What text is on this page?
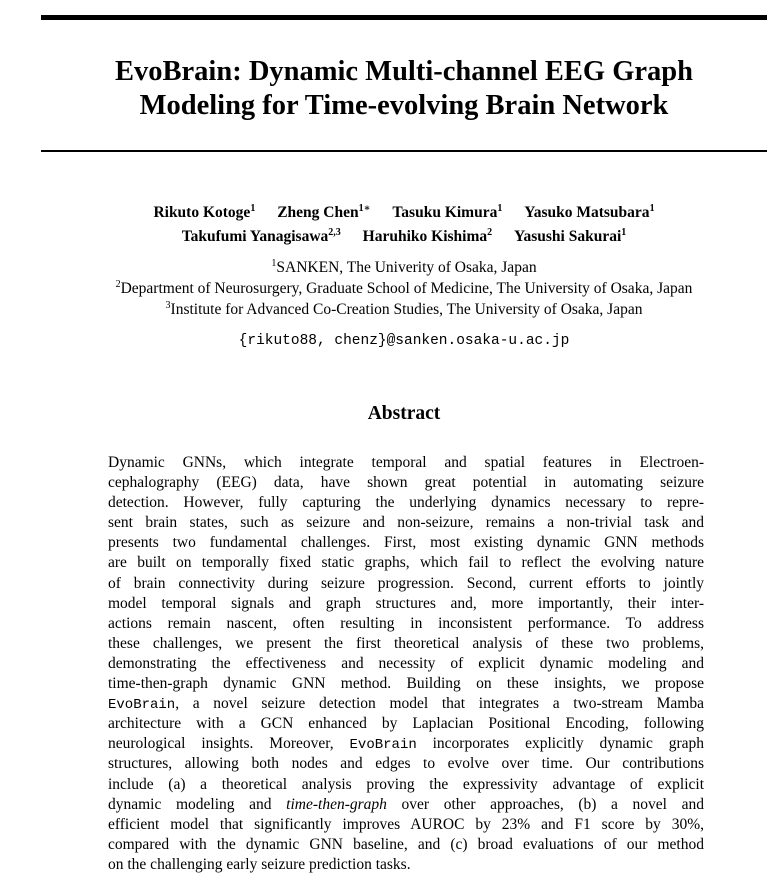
EvoBrain: Dynamic Multi-channel EEG Graph
Modeling for Time-evolving Brain Network
Rikuto Kotoge$^1$ Zheng Chen$^{1∗}$ Tasuku Kimura$^1$ Yasuko Matsubara$^1$
Takufumi Yanagisawa$^{2,3}$ Haruhiko Kishima$^2$ Yasushi Sakurai$^1$
$^1$SANKEN, The Univerity of Osaka, Japan
$^2$Department of Neurosurgery, Graduate School of Medicine, The University of Osaka, Japan
$^3$Institute for Advanced Co-Creation Studies, The University of Osaka, Japan
{rikuto88, chenz}@sanken.osaka-u.ac.jp
Abstract
Dynamic GNNs, which integrate temporal and spatial features in Electroen-
cephalography (EEG) data, have shown great potential in automating seizure
detection. However, fully capturing the underlying dynamics necessary to repre-
sent brain states, such as seizure and non-seizure, remains a non-trivial task and
presents two fundamental challenges. First, most existing dynamic GNN methods
are built on temporally fixed static graphs, which fail to reflect the evolving nature
of brain connectivity during seizure progression. Second, current efforts to jointly
model temporal signals and graph structures and, more importantly, their inter-
actions remain nascent, often resulting in inconsistent performance. To address
these challenges, we present the first theoretical analysis of these two problems,
demonstrating the effectiveness and necessity of explicit dynamic modeling and
time-then-graph dynamic GNN method. Building on these insights, we propose
EvoBrain, a novel seizure detection model that integrates a two-stream Mamba
architecture with a GCN enhanced by Laplacian Positional Encoding, following
neurological insights. Moreover, EvoBrain incorporates explicitly dynamic graph
structures, allowing both nodes and edges to evolve over time. Our contributions
include (a) a theoretical analysis proving the expressivity advantage of explicit
dynamic modeling and time-then-graph over other approaches, (b) a novel and
efficient model that significantly improves AUROC by 23% and F1 score by 30%,
compared with the dynamic GNN baseline, and (c) broad evaluations of our method
on the challenging early seizure prediction tasks.
